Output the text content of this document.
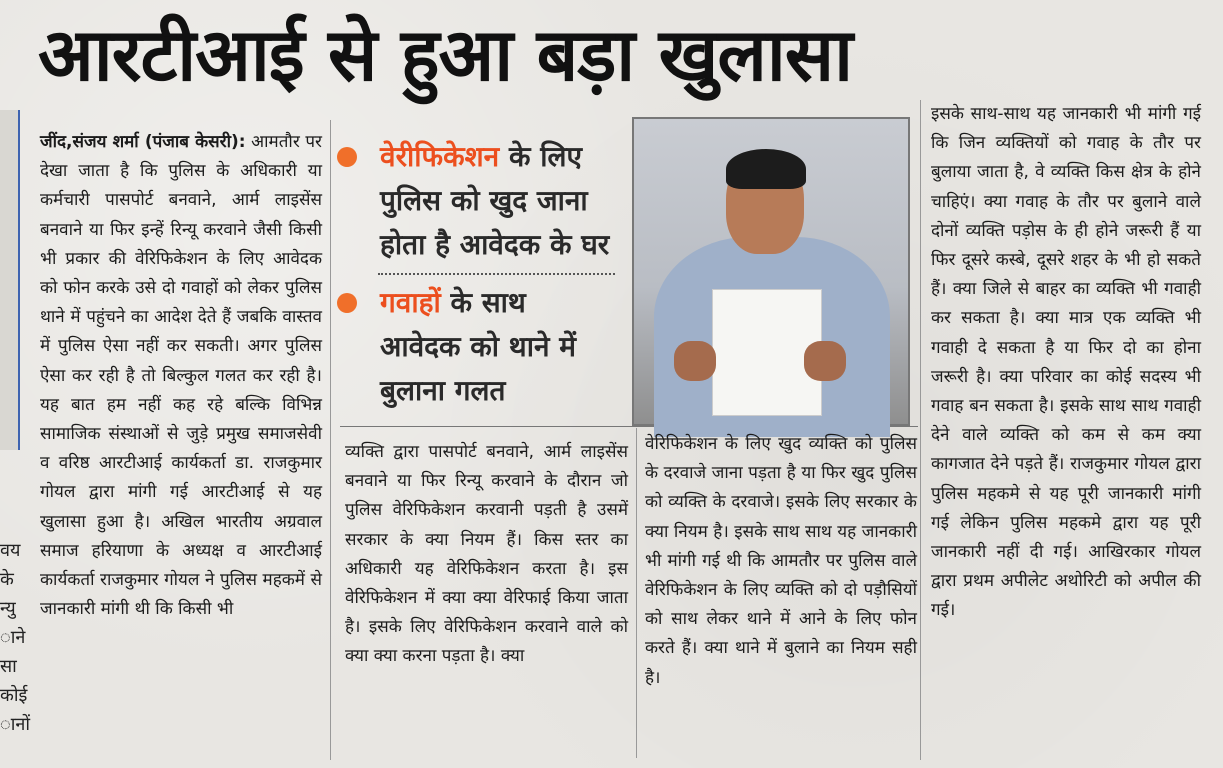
आरटीआई से हुआ बड़ा खुलासा
वय
के
न्यु
ाने
सा
कोई
ानों
जींद,संजय शर्मा (पंजाब केसरी): आमतौर पर देखा जाता है कि पुलिस के अधिकारी या कर्मचारी पासपोर्ट बनवाने, आर्म लाइसेंस बनवाने या फिर इन्हें रिन्यू करवाने जैसी किसी भी प्रकार की वेरिफिकेशन के लिए आवेदक को फोन करके उसे दो गवाहों को लेकर पुलिस थाने में पहुंचने का आदेश देते हैं जबकि वास्तव में पुलिस ऐसा नहीं कर सकती। अगर पुलिस ऐसा कर रही है तो बिल्कुल गलत कर रही है। यह बात हम नहीं कह रहे बल्कि विभिन्न सामाजिक संस्थाओं से जुड़े प्रमुख समाजसेवी व वरिष्ठ आरटीआई कार्यकर्ता डा. राजकुमार गोयल द्वारा मांगी गई आरटीआई से यह खुलासा हुआ है। अखिल भारतीय अग्रवाल समाज हरियाणा के अध्यक्ष व आरटीआई कार्यकर्ता राजकुमार गोयल ने पुलिस महकमें से जानकारी मांगी थी कि किसी भी
वेरीफिकेशन के लिए पुलिस को खुद जाना होता है आवेदक के घर
गवाहों के साथ आवेदक को थाने में बुलाना गलत
व्यक्ति द्वारा पासपोर्ट बनवाने, आर्म लाइसेंस बनवाने या फिर रिन्यू करवाने के दौरान जो पुलिस वेरिफिकेशन करवानी पड़ती है उसमें सरकार के क्या नियम हैं। किस स्तर का अधिकारी यह वेरिफिकेशन करता है। इस वेरिफिकेशन में क्या क्या वेरिफाई किया जाता है। इसके लिए वेरिफिकेशन करवाने वाले को क्या क्या करना पड़ता है। क्या
वेरिफिकेशन के लिए खुद व्यक्ति को पुलिस के दरवाजे जाना पड़ता है या फिर खुद पुलिस को व्यक्ति के दरवाजे। इसके लिए सरकार के क्या नियम है। इसके साथ साथ यह जानकारी भी मांगी गई थी कि आमतौर पर पुलिस वाले वेरिफिकेशन के लिए व्यक्ति को दो पड़ौसियों को साथ लेकर थाने में आने के लिए फोन करते हैं। क्या थाने में बुलाने का नियम सही है।
इसके साथ-साथ यह जानकारी भी मांगी गई कि जिन व्यक्तियों को गवाह के तौर पर बुलाया जाता है, वे व्यक्ति किस क्षेत्र के होने चाहिएं। क्या गवाह के तौर पर बुलाने वाले दोनों व्यक्ति पड़ोस के ही होने जरूरी हैं या फिर दूसरे कस्बे, दूसरे शहर के भी हो सकते हैं। क्या जिले से बाहर का व्यक्ति भी गवाही कर सकता है। क्या मात्र एक व्यक्ति भी गवाही दे सकता है या फिर दो का होना जरूरी है। क्या परिवार का कोई सदस्य भी गवाह बन सकता है। इसके साथ साथ गवाही देने वाले व्यक्ति को कम से कम क्या कागजात देने पड़ते हैं। राजकुमार गोयल द्वारा पुलिस महकमे से यह पूरी जानकारी मांगी गई लेकिन पुलिस महकमे द्वारा यह पूरी जानकारी नहीं दी गई। आखिरकार गोयल द्वारा प्रथम अपीलेट अथोरिटी को अपील की गई।
